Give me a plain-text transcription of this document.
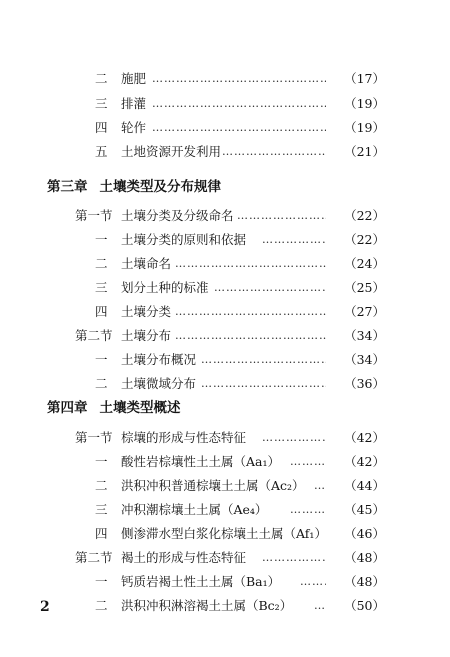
二 施肥 ……………………………………………………………………………………………………………………………………………………………………	（17）
三 排灌 ……………………………………………………………………………………………………………………………………………………………………	（19）
四 轮作 ……………………………………………………………………………………………………………………………………………………………………	（19）
五 土地资源开发利用 ……………………………………………………………………………………………………………………………………………………………………	（21）
第三章 土壤类型及分布规律
第一节 土壤分类及分级命名 ……………………………………………………………………………………………………………………………………………………………………	（22）
一 土壤分类的原则和依据 ……………………………………………………………………………………………………………………………………………………………………	（22）
二 土壤命名 ……………………………………………………………………………………………………………………………………………………………………	（24）
三 划分土种的标准 ……………………………………………………………………………………………………………………………………………………………………	（25）
四 土壤分类 ……………………………………………………………………………………………………………………………………………………………………	（27）
第二节 土壤分布 ……………………………………………………………………………………………………………………………………………………………………	（34）
一 土壤分布概况 ……………………………………………………………………………………………………………………………………………………………………	（34）
二 土壤微域分布 ……………………………………………………………………………………………………………………………………………………………………	（36）
第四章 土壤类型概述
第一节 棕壤的形成与性态特征 ……………………………………………………………………………………………………………………………………………………………………	（42）
一 酸性岩棕壤性土土属（Aa₁） ……………………………………………………………………………………………………………………………………………………………………	（42）
二 洪积冲积普通棕壤土土属（Ac₂） ……………………………………………………………………………………………………………………………………………………………………	（44）
三 冲积潮棕壤土土属（Ae₄） ……………………………………………………………………………………………………………………………………………………………………	（45）
四 侧渗滞水型白浆化棕壤土土属（Af₁）	（46）
第二节 褐土的形成与性态特征 ……………………………………………………………………………………………………………………………………………………………………	（48）
一 钙质岩褐土性土土属（Ba₁） ……………………………………………………………………………………………………………………………………………………………………	（48）
二 洪积冲积淋溶褐土土属（Bc₂） ……………………………………………………………………………………………………………………………………………………………………	（50）
2
